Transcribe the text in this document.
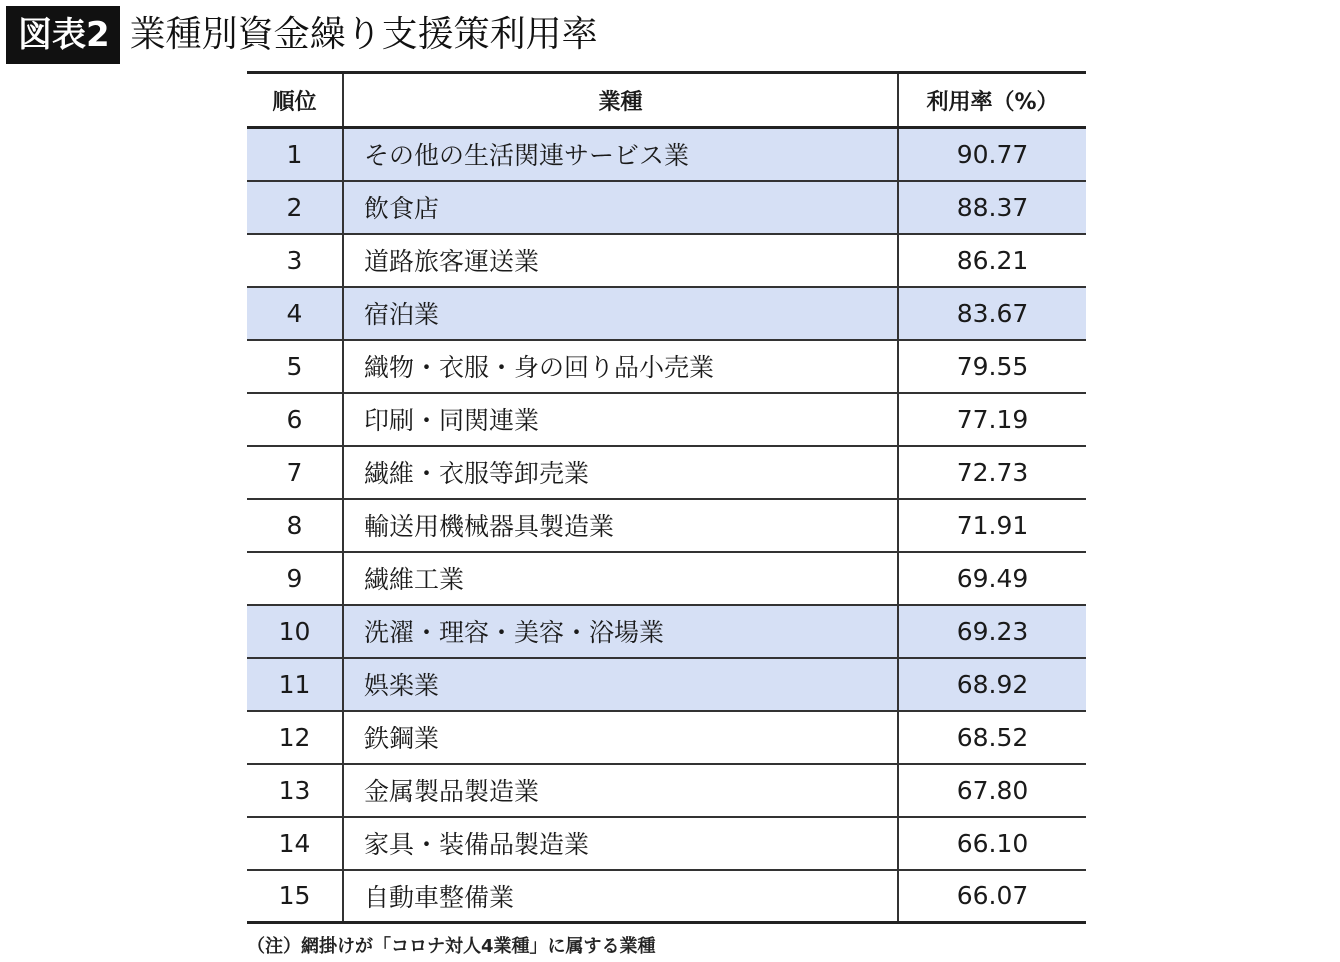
図表2 業種別資金繰り支援策利用率
順位	業種	利用率（%）
1	その他の生活関連サービス業	90.77
2	飲食店	88.37
3	道路旅客運送業	86.21
4	宿泊業	83.67
5	織物・衣服・身の回り品小売業	79.55
6	印刷・同関連業	77.19
7	繊維・衣服等卸売業	72.73
8	輸送用機械器具製造業	71.91
9	繊維工業	69.49
10	洗濯・理容・美容・浴場業	69.23
11	娯楽業	68.92
12	鉄鋼業	68.52
13	金属製品製造業	67.80
14	家具・装備品製造業	66.10
15	自動車整備業	66.07
（注）網掛けが「コロナ対人4業種」に属する業種
